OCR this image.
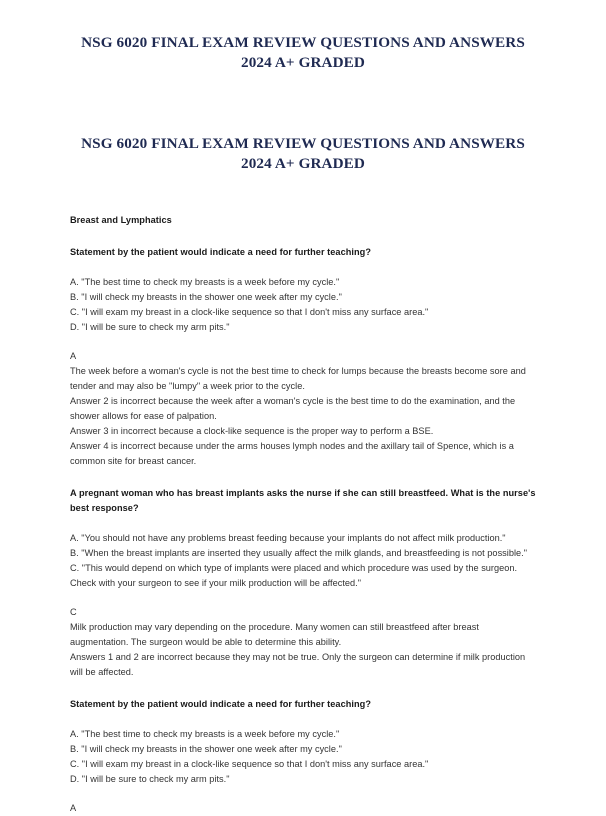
NSG 6020 FINAL EXAM REVIEW QUESTIONS AND ANSWERS 2024 A+ GRADED
NSG 6020 FINAL EXAM REVIEW QUESTIONS AND ANSWERS 2024 A+ GRADED
Breast and Lymphatics
Statement by the patient would indicate a need for further teaching?
A. "The best time to check my breasts is a week before my cycle."
B. "I will check my breasts in the shower one week after my cycle."
C. "I will exam my breast in a clock-like sequence so that I don't miss any surface area."
D. "I will be sure to check my arm pits."
A
The week before a woman's cycle is not the best time to check for lumps because the breasts become sore and tender and may also be "lumpy" a week prior to the cycle.
Answer 2 is incorrect because the week after a woman's cycle is the best time to do the examination, and the shower allows for ease of palpation.
Answer 3 in incorrect because a clock-like sequence is the proper way to perform a BSE.
Answer 4 is incorrect because under the arms houses lymph nodes and the axillary tail of Spence, which is a common site for breast cancer.
A pregnant woman who has breast implants asks the nurse if she can still breastfeed. What is the nurse's best response?
A. "You should not have any problems breast feeding because your implants do not affect milk production."
B. "When the breast implants are inserted they usually affect the milk glands, and breastfeeding is not possible."
C. "This would depend on which type of implants were placed and which procedure was used by the surgeon. Check with your surgeon to see if your milk production will be affected."
C
Milk production may vary depending on the procedure. Many women can still breastfeed after breast augmentation. The surgeon would be able to determine this ability.
Answers 1 and 2 are incorrect because they may not be true. Only the surgeon can determine if milk production will be affected.
Statement by the patient would indicate a need for further teaching?
A. "The best time to check my breasts is a week before my cycle."
B. "I will check my breasts in the shower one week after my cycle."
C. "I will exam my breast in a clock-like sequence so that I don't miss any surface area."
D. "I will be sure to check my arm pits."
A
